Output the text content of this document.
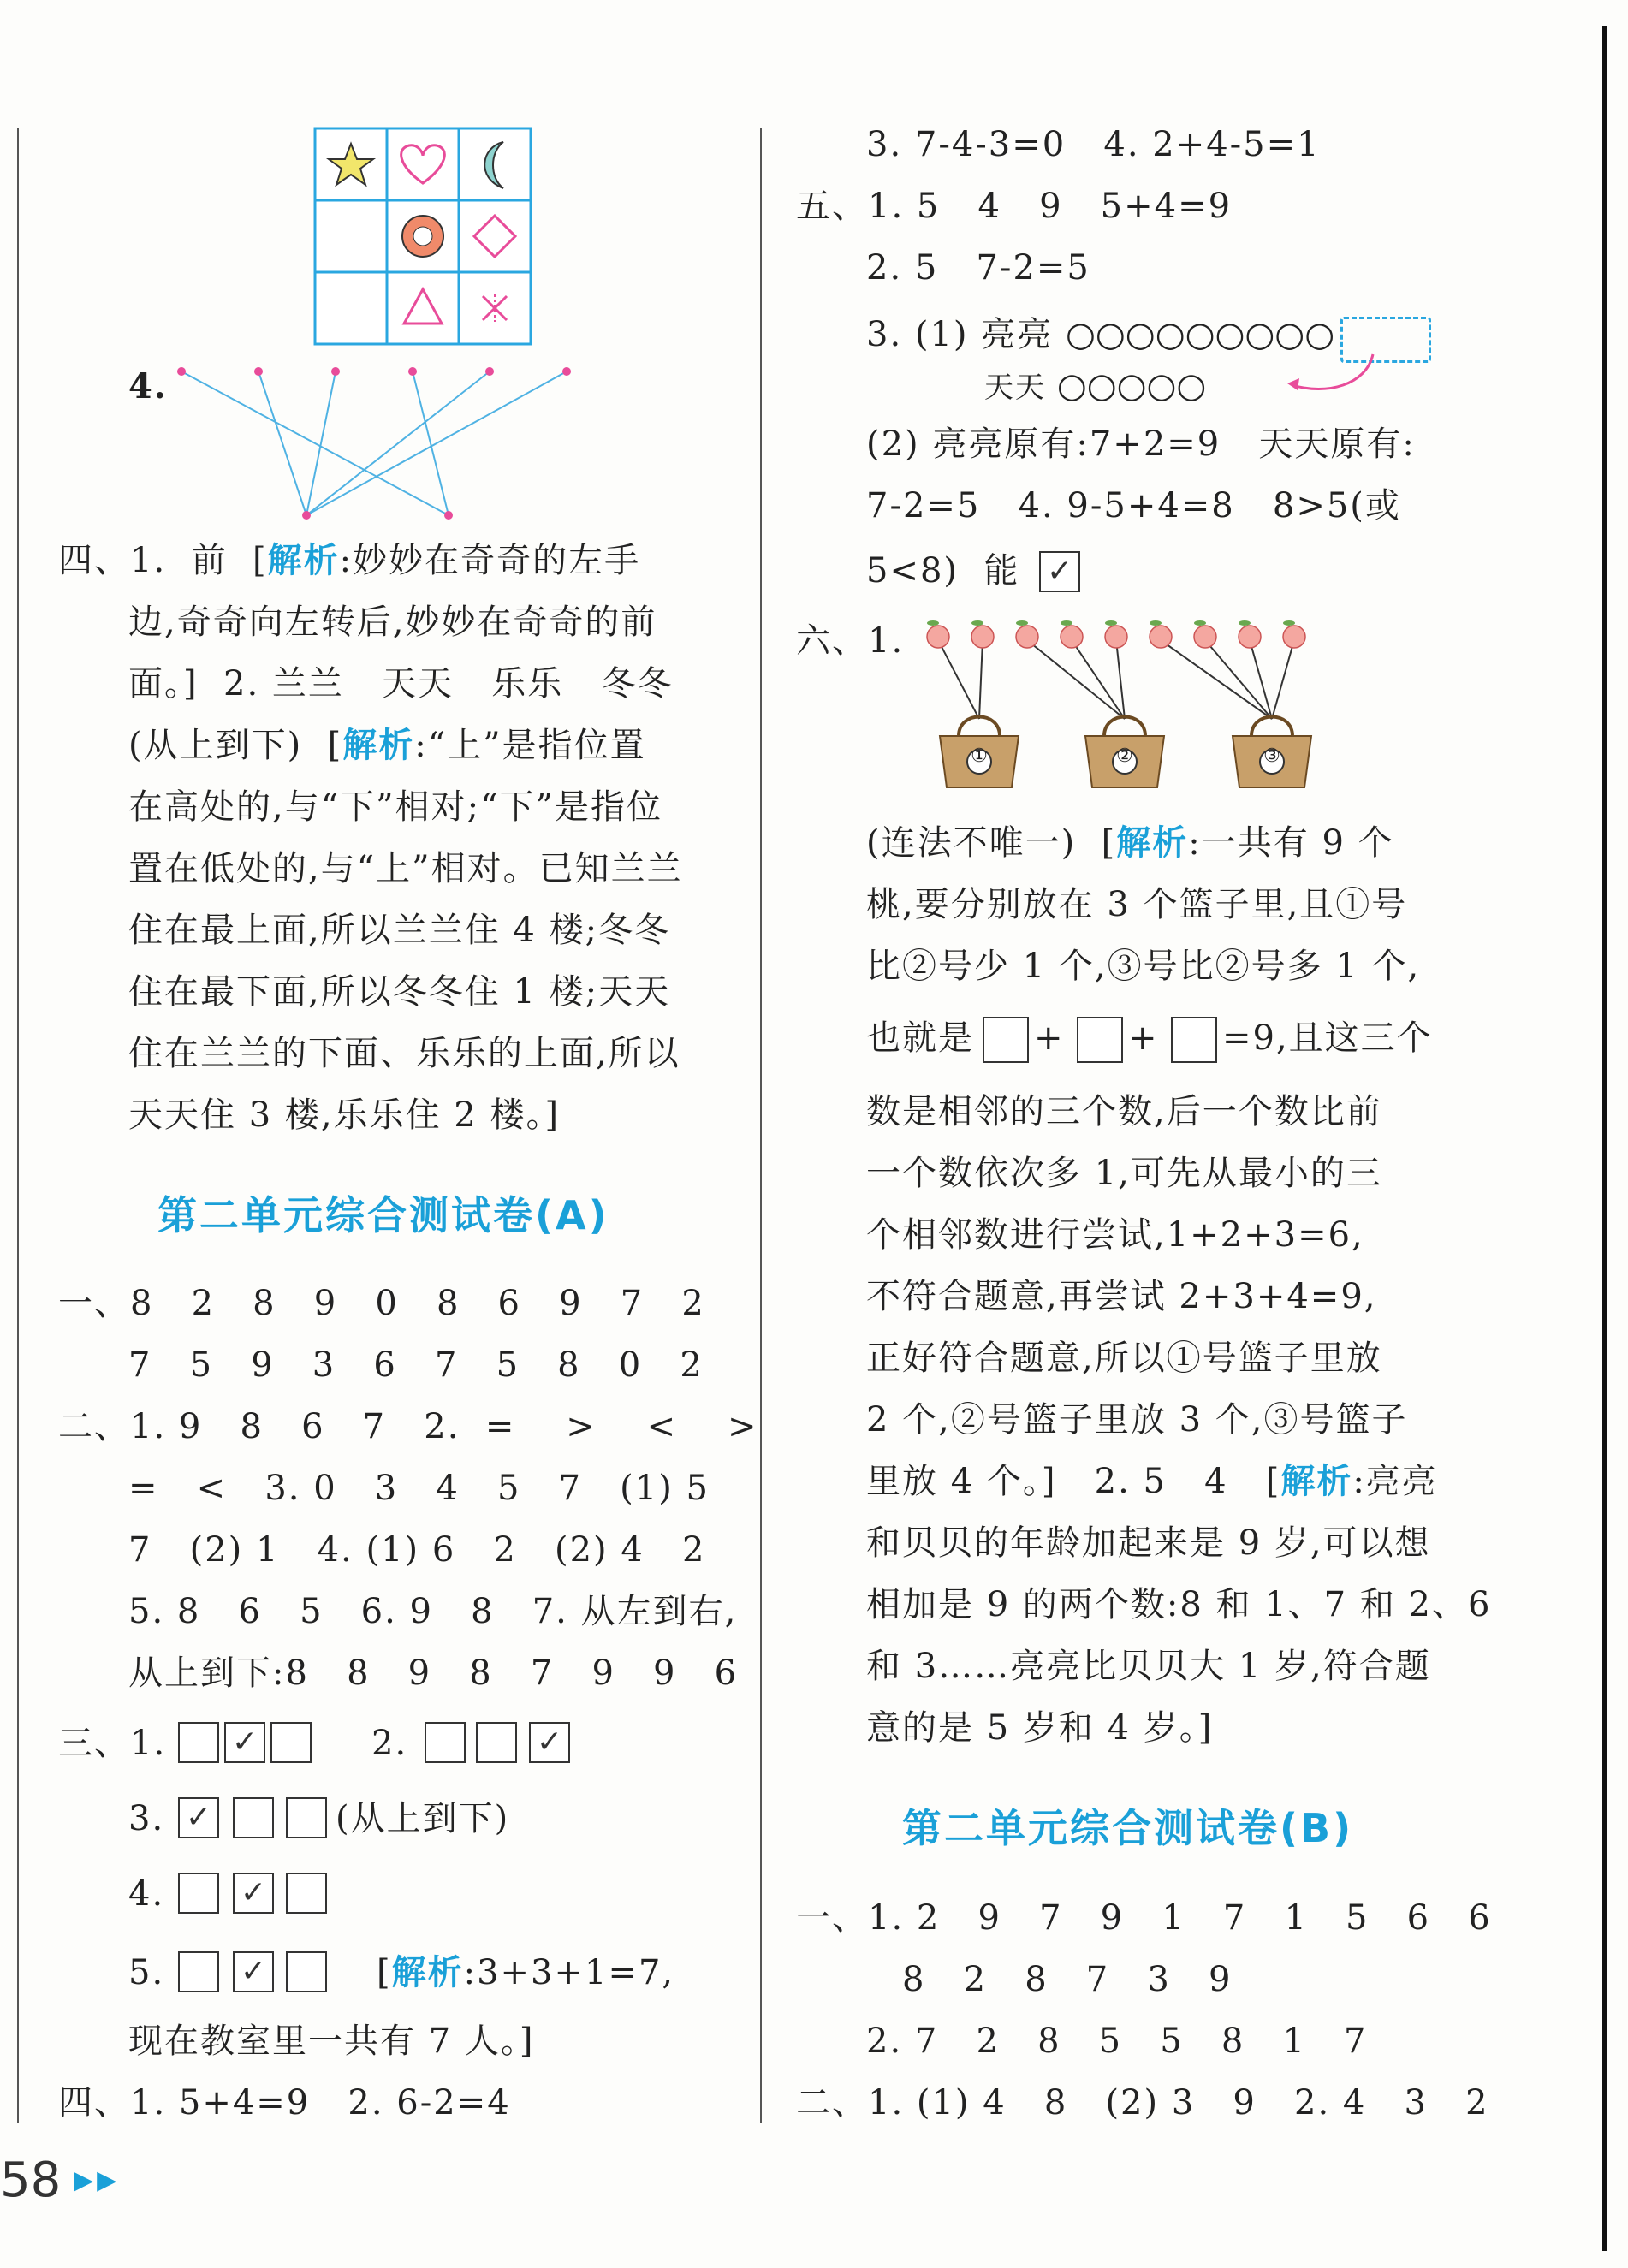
4.
四、1.  前  [解析:妙妙在奇奇的左手
边,奇奇向左转后,妙妙在奇奇的前
面。]  2. 兰兰   天天   乐乐   冬冬
(从上到下)  [解析:“上”是指位置
在高处的,与“下”相对;“下”是指位
置在低处的,与“上”相对。已知兰兰
住在最上面,所以兰兰住 4 楼;冬冬
住在最下面,所以冬冬住 1 楼;天天
住在兰兰的下面、乐乐的上面,所以
天天住 3 楼,乐乐住 2 楼。]
第二单元综合测试卷(A)
一、8   2   8   9   0   8   6   9   7   2
7   5   9   3   6   7   5   8   0   2
二、1. 9   8   6   7   2.  =    >    <    >
=   <   3. 0   3   4   5   7   (1) 5
7   (2) 1   4. (1) 6   2   (2) 4   2
5. 8   6   5   6. 9   8   7. 从左到右,
从上到下:8   8   9   8   7   9   9   6
三、1. ✓	2.	✓
3. ✓	(从上到下)
4. ✓
5. ✓	[解析:3+3+1=7,
现在教室里一共有 7 人。]
四、1. 5+4=9   2. 6-2=4
3. 7-4-3=0   4. 2+4-5=1
五、1. 5   4   9   5+4=9
2. 5   7-2=5
3. (1) 亮亮 ○○○○○○○○○
天天 ○○○○○
(2) 亮亮原有:7+2=9   天天原有:
7-2=5   4. 9-5+4=8   8>5(或
5<8)  能 ✓
六、1.
①	②	③
(连法不唯一)  [解析:一共有 9 个
桃,要分别放在 3 个篮子里,且①号
比②号少 1 个,③号比②号多 1 个,
也就是 + + =9,且这三个
数是相邻的三个数,后一个数比前
一个数依次多 1,可先从最小的三
个相邻数进行尝试,1+2+3=6,
不符合题意,再尝试 2+3+4=9,
正好符合题意,所以①号篮子里放
2 个,②号篮子里放 3 个,③号篮子
里放 4 个。]   2. 5   4   [解析:亮亮
和贝贝的年龄加起来是 9 岁,可以想
相加是 9 的两个数:8 和 1、7 和 2、6
和 3……亮亮比贝贝大 1 岁,符合题
意的是 5 岁和 4 岁。]
第二单元综合测试卷(B)
一、1. 2   9   7   9   1   7   1   5   6   6
8   2   8   7   3   9
2. 7   2   8   5   5   8   1   7
二、1. (1) 4   8   (2) 3   9   2. 4   3   2
58 ▶▶
